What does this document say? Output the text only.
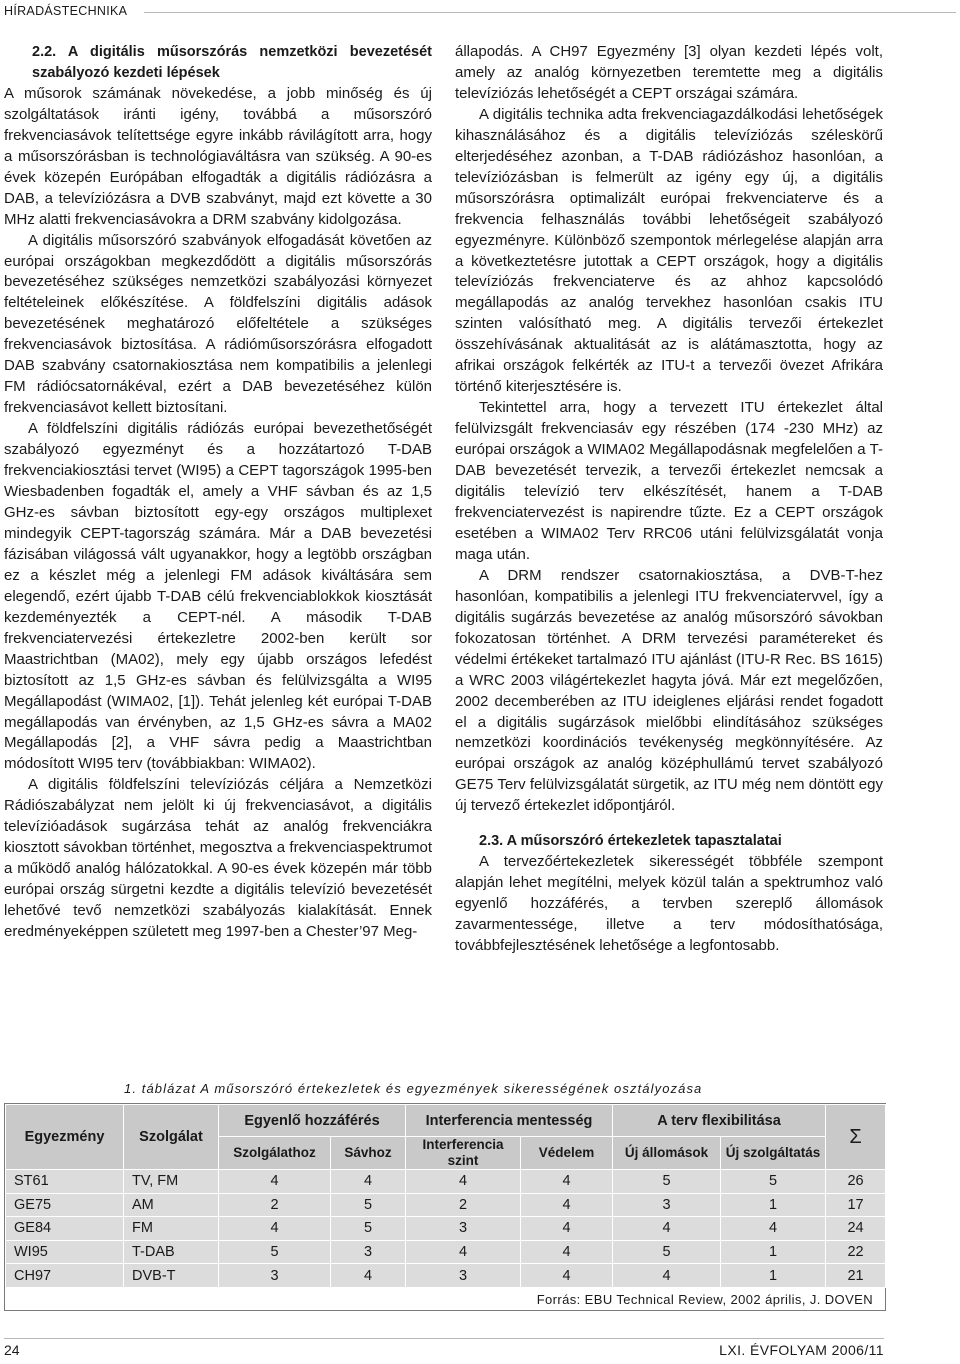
HÍRADÁSTECHNIKA
2.2. A digitális műsorszórás nemzetközi bevezetését szabályozó kezdeti lépések

A műsorok számának növekedése, a jobb minőség és új szolgáltatások iránti igény, továbbá a műsorszóró frekvenciasávok telítettsége egyre inkább rávilágított arra, hogy a műsorszórásban is technológiaváltásra van szükség. A 90-es évek közepén Európában elfogadták a digitális rádiózásra a DAB, a televíziózásra a DVB szabványt, majd ezt követte a 30 MHz alatti frekvenciasávokra a DRM szabvány kidolgozása.

A digitális műsorszóró szabványok elfogadását követően az európai országokban megkezdődött a digitális műsorszórás bevezetéséhez szükséges nemzetközi szabályozási környezet feltételeinek előkészítése. A földfelszíni digitális adások bevezetésének meghatározó előfeltétele a szükséges frekvenciasávok biztosítása. A rádióműsorszórásra elfogadott DAB szabvány csatornakiosztása nem kompatibilis a jelenlegi FM rádiócsatornákéval, ezért a DAB bevezetéséhez külön frekvenciasávot kellett biztosítani.

A földfelszíni digitális rádiózás európai bevezethetőségét szabályozó egyezményt és a hozzátartozó T-DAB frekvenciakiosztási tervet (WI95) a CEPT tagországok 1995-ben Wiesbadenben fogadták el, amely a VHF sávban és az 1,5 GHz-es sávban biztosított egy-egy országos multiplexet mindegyik CEPT-tagország számára. Már a DAB bevezetési fázisában világossá vált ugyanakkor, hogy a legtöbb országban ez a készlet még a jelenlegi FM adások kiváltására sem elegendő, ezért újabb T-DAB célú frekvenciablokkok kiosztását kezdeményezték a CEPT-nél. A második T-DAB frekvenciatervezési értekezletre 2002-ben került sor Maastrichtban (MA02), mely egy újabb országos lefedést biztosított az 1,5 GHz-es sávban és felülvizsgálta a WI95 Megállapodást (WIMA02, [1]). Tehát jelenleg két európai T-DAB megállapodás van érvényben, az 1,5 GHz-es sávra a MA02 Megállapodás [2], a VHF sávra pedig a Maastrichtban módosított WI95 terv (továbbiakban: WIMA02).

A digitális földfelszíni televíziózás céljára a Nemzetközi Rádiószabályzat nem jelölt ki új frekvenciasávot, a digitális televízióadások sugárzása tehát az analóg frekvenciákra kiosztott sávokban történhet, megosztva a frekvenciaspektrumot a működő analóg hálózatokkal. A 90-es évek közepén már több európai ország sürgetni kezdte a digitális televízió bevezetését lehetővé tevő nemzetközi szabályozás kialakítását. Ennek eredményeképpen született meg 1997-ben a Chester’97 Meg-

állapodás. A CH97 Egyezmény [3] olyan kezdeti lépés volt, amely az analóg környezetben teremtette meg a digitális televíziózás lehetőségét a CEPT országai számára.

A digitális technika adta frekvenciagazdálkodási lehetőségek kihasználásához és a digitális televíziózás széleskörű elterjedéséhez azonban, a T-DAB rádiózáshoz hasonlóan, a televíziózásban is felmerült az igény egy új, a digitális műsorszórásra optimalizált európai frekvenciaterve és a frekvencia felhasználás további lehetőségeit szabályozó egyezményre. Különböző szempontok mérlegelése alapján arra a következtetésre jutottak a CEPT országok, hogy a digitális televíziózás frekvenciaterve és az ahhoz kapcsolódó megállapodás az analóg tervekhez hasonlóan csakis ITU szinten valósítható meg. A digitális tervezői értekezlet összehívásának aktualitását az is alátámasztotta, hogy az afrikai országok felkérték az ITU-t a tervezői övezet Afrikára történő kiterjesztésére is.

Tekintettel arra, hogy a tervezett ITU értekezlet által felülvizsgált frekvenciasáv egy részében (174 -230 MHz) az európai országok a WIMA02 Megállapodásnak megfelelően a T-DAB bevezetését tervezik, a tervezői értekezlet nemcsak a digitális televízió terv elkészítését, hanem a T-DAB frekvenciatervezést is napirendre tűzte. Ez a CEPT országok esetében a WIMA02 Terv RRC06 utáni felülvizsgálatát vonja maga után.

A DRM rendszer csatornakiosztása, a DVB-T-hez hasonlóan, kompatibilis a jelenlegi ITU frekvenciatervvel, így a digitális sugárzás bevezetése az analóg műsorszóró sávokban fokozatosan történhet. A DRM tervezési paramétereket és védelmi értékeket tartalmazó ITU ajánlást (ITU-R Rec. BS 1615) a WRC 2003 világértekezlet hagyta jóvá. Már ezt megelőzően, 2002 decemberében az ITU ideiglenes eljárási rendet fogadott el a digitális sugárzások mielőbbi elindításához szükséges nemzetközi koordinációs tevékenység megkönnyítésére. Az európai országok az analóg középhullámú tervet szabályozó GE75 Terv felülvizsgálatát sürgetik, az ITU még nem döntött egy új tervező értekezlet időpontjáról.

2.3. A műsorszóró értekezletek tapasztalatai

A tervezőértekezletek sikerességét többféle szempont alapján lehet megítélni, melyek közül talán a spektrumhoz való egyenlő hozzáférés, a tervben szereplő állomások zavarmentessége, illetve a terv módosíthatósága, továbbfejlesztésének lehetősége a legfontosabb.

1. táblázat A műsorszóró értekezletek és egyezmények sikerességének osztályozása
Egyezmény	Szolgálat	Egyenlő hozzáférés		Interferencia mentesség		A terv flexibilitása		Σ
		Szolgálathoz	Sávhoz	Interferencia szint	Védelem	Új állomások	Új szolgáltatás	
ST61	TV, FM	4	4	4	4	5	5	26
GE75	AM	2	5	2	4	3	1	17
GE84	FM	4	5	3	4	4	4	24
WI95	T-DAB	5	3	4	4	5	1	22
CH97	DVB-T	3	4	3	4	4	1	21
Forrás: EBU Technical Review, 2002 április, J. DOVEN
24	LXI. ÉVFOLYAM 2006/11
